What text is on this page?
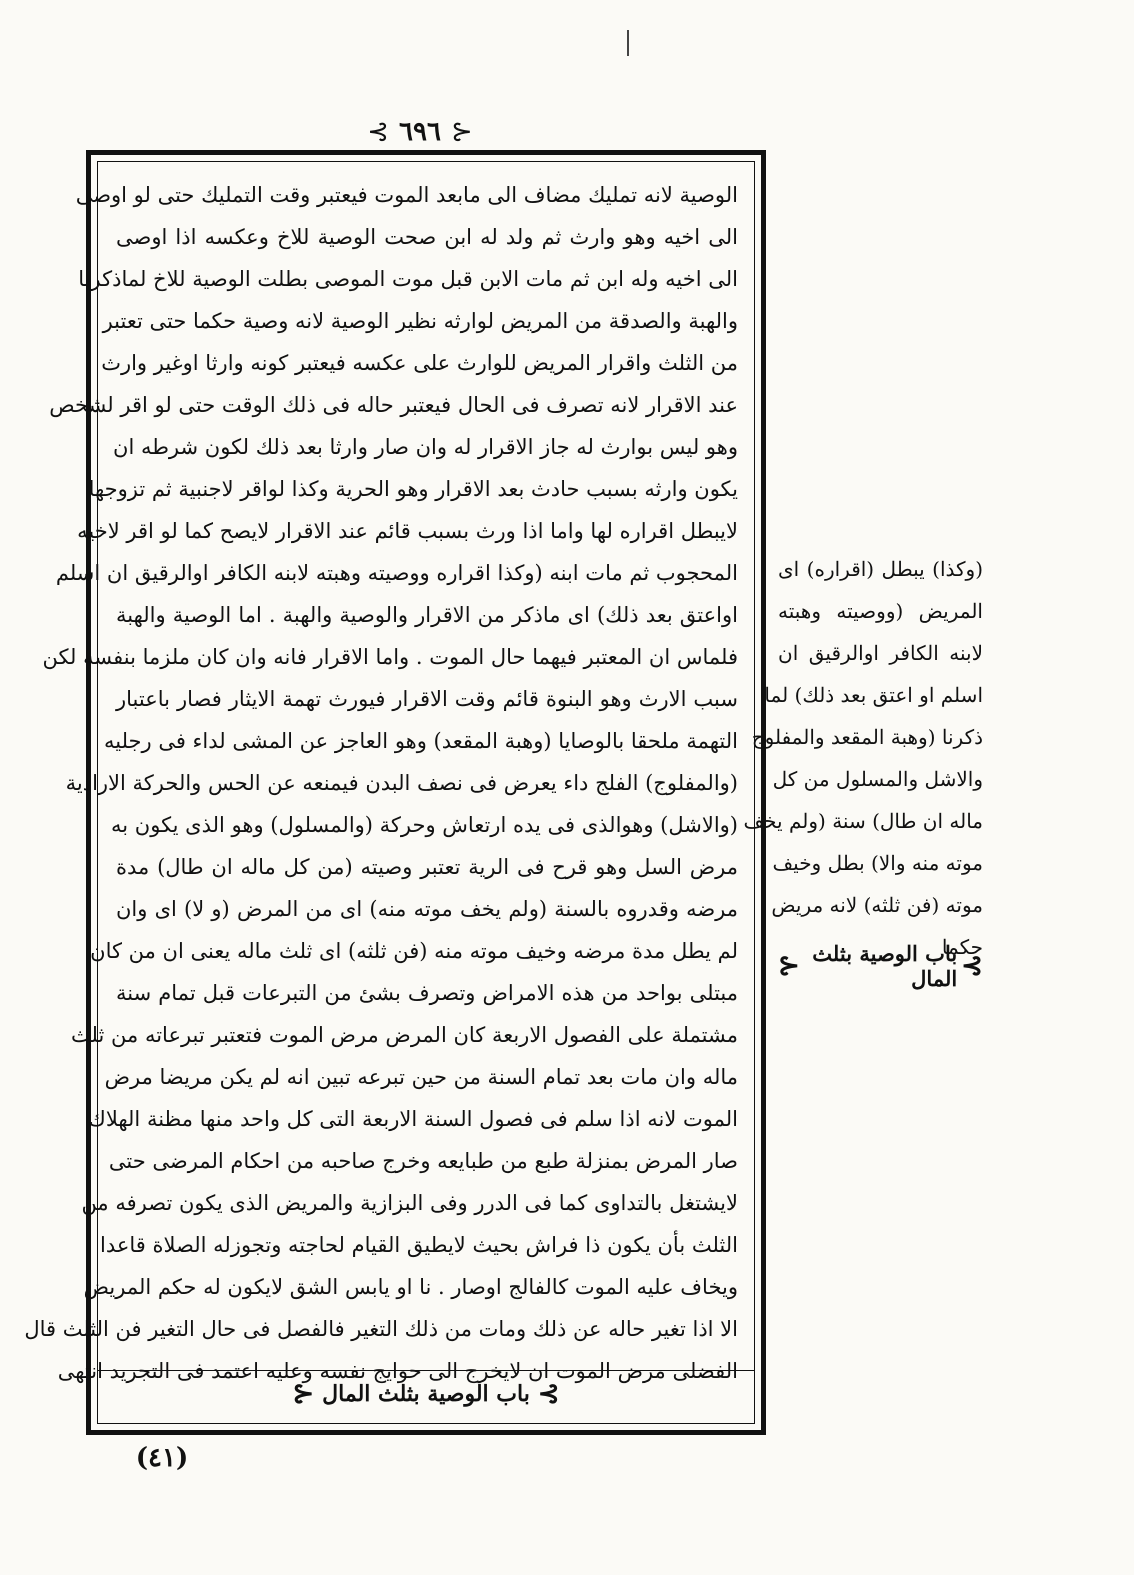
⊰ ٦٩٦ ⊱
الوصية لانه تمليك مضاف الى مابعد الموت فيعتبر وقت التمليك حتى لو اوصى
الى اخيه وهو وارث ثم ولد له ابن صحت الوصية للاخ وعكسه اذا اوصى
الى اخيه وله ابن ثم مات الابن قبل موت الموصى بطلت الوصية للاخ لماذكرنا
والهبة والصدقة من المريض لوارثه نظير الوصية لانه وصية حكما حتى تعتبر
من الثلث واقرار المريض للوارث على عكسه فيعتبر كونه وارثا اوغير وارث
عند الاقرار لانه تصرف فى الحال فيعتبر حاله فى ذلك الوقت حتى لو اقر لشخص
وهو ليس بوارث له جاز الاقرار له وان صار وارثا بعد ذلك لكون شرطه ان
يكون وارثه بسبب حادث بعد الاقرار وهو الحرية وكذا لواقر لاجنبية ثم تزوجها
لايبطل اقراره لها واما اذا ورث بسبب قائم عند الاقرار لايصح كما لو اقر لاخيه
المحجوب ثم مات ابنه (وكذا اقراره ووصيته وهبته لابنه الكافر اوالرقيق ان اسلم
اواعتق بعد ذلك) اى ماذكر من الاقرار والوصية والهبة . اما الوصية والهبة
فلماس ان المعتبر فيهما حال الموت . واما الاقرار فانه وان كان ملزما بنفسه لكن
سبب الارث وهو البنوة قائم وقت الاقرار فيورث تهمة الايثار فصار باعتبار
التهمة ملحقا بالوصايا (وهبة المقعد) وهو العاجز عن المشى لداء فى رجليه
(والمفلوج) الفلج داء يعرض فى نصف البدن فيمنعه عن الحس والحركة الارادية
(والاشل) وهوالذى فى يده ارتعاش وحركة (والمسلول) وهو الذى يكون به
مرض السل وهو قرح فى الرية تعتبر وصيته (من كل ماله ان طال) مدة
مرضه وقدروه بالسنة (ولم يخف موته منه) اى من المرض (و لا) اى وان
لم يطل مدة مرضه وخيف موته منه (فن ثلثه) اى ثلث ماله يعنى ان من كان
مبتلى بواحد من هذه الامراض وتصرف بشئ من التبرعات قبل تمام سنة
مشتملة على الفصول الاربعة كان المرض مرض الموت فتعتبر تبرعاته من ثلث
ماله وان مات بعد تمام السنة من حين تبرعه تبين انه لم يكن مريضا مرض
الموت لانه اذا سلم فى فصول السنة الاربعة التى كل واحد منها مظنة الهلاك
صار المرض بمنزلة طبع من طبايعه وخرج صاحبه من احكام المرضى حتى
لايشتغل بالتداوى كما فى الدرر وفى البزازية والمريض الذى يكون تصرفه من
الثلث بأن يكون ذا فراش بحيث لايطيق القيام لحاجته وتجوزله الصلاة قاعدا
ويخاف عليه الموت كالفالج اوصار . نا او يابس الشق لايكون له حكم المريض
الا اذا تغير حاله عن ذلك ومات من ذلك التغير فالفصل فى حال التغير فن الثلث قال
الفضلى مرض الموت ان لايخرج الى حوايج نفسه وعليه اعتمد فى التجريد انتهى
⊱
باب الوصية بثلث المال
⊰
(وكذا) يبطل (اقراره) اى
المريض (ووصيته وهبته
لابنه الكافر اوالرقيق ان
اسلم او اعتق بعد ذلك) لما
ذكرنا (وهبة المقعد والمفلوج
والاشل والمسلول من كل
ماله ان طال) سنة (ولم يخف
موته منه والا) بطل وخيف
موته (فن ثلثه) لانه مريض
حكما
⊱
باب الوصية بثلث المال
⊰
(٤١)
